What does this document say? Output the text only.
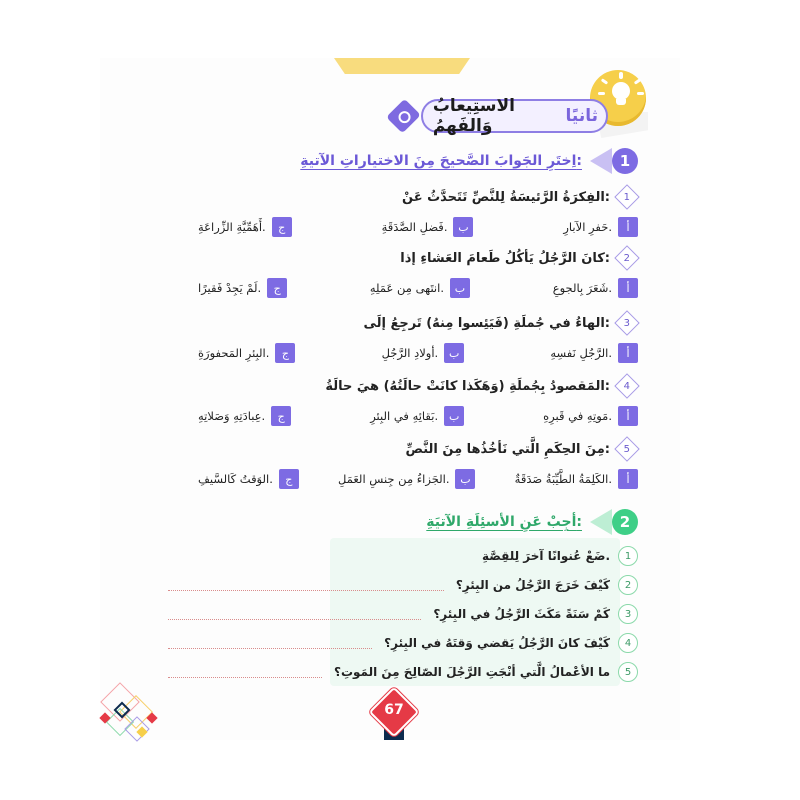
ثانيًا
الاستِيعابُ وَالفَهمُ
1
اِختَرِ الجَوابَ الصَّحيحَ مِنَ الاختياراتِ الآتيةِ:
1
الفِكرَةُ الرَّئيسَةُ لِلنَّصِّ تَتَحدَّثُ عَنْ:
أ
حَفرِ الآبارِ.
ب
فَضلِ الصَّدَقَةِ.
ج
أَهَمِّيَّةِ الزِّراعَةِ.
2
كانَ الرَّجُلُ يَأكُلُ طَعامَ العَشاءِ إذا:
أ
شَعَرَ بِالجوعِ.
ب
انتَهى مِن عَمَلِهِ.
ج
لَمْ يَجِدْ فَقيرًا.
3
الهاءُ في جُملَةِ (فَيَئِسوا مِنهُ) تَرجِعُ إلَى:
أ
الرَّجُلِ نَفسِهِ.
ب
أولادِ الرَّجُلِ.
ج
البِئرِ المَحفورَةِ.
4
المَقصودُ بِجُملَةِ (وَهَكَذا كانَتْ حالَتُهُ) هيَ حالَةُ:
أ
مَوتِهِ في قَبرِهِ.
ب
بَقائِهِ في البِئرِ.
ج
عِبادَتِهِ وَصَلاتِهِ.
5
مِنَ الحِكَمِ الَّتي نَأخُذُها مِنَ النَّصِّ:
أ
الكَلِمَةُ الطَّيِّبَةُ صَدَقَةٌ.
ب
الجَزاءُ مِن جِنسِ العَمَلِ.
ج
الوَقتُ كَالسَّيفِ.
2
أجِبْ عَنِ الأسئِلَةِ الآتيَةِ:
1
ضَعْ عُنوانًا آخرَ لِلقِصَّةِ.
2
كَيْفَ خَرَجَ الرَّجُلُ من البِئرِ؟
3
كَمْ سَنَةً مَكَثَ الرَّجُلُ في البِئرِ؟
4
كَيْفَ كانَ الرَّجُلُ يَقضي وَقتَهُ في البِئرِ؟
5
ما الأعْمالُ الَّتي أنْجَتِ الرَّجُلَ الصّالِحَ مِنَ المَوتِ؟
67
